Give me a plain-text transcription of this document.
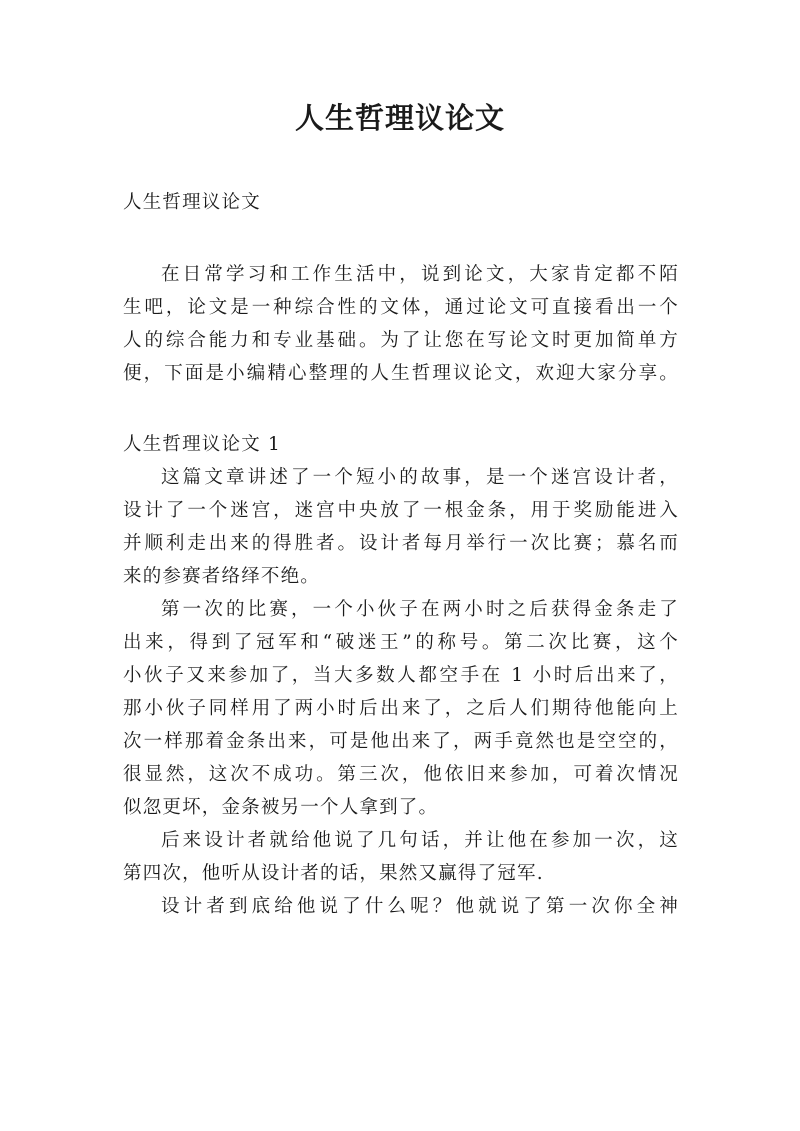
人生哲理议论文

人生哲理议论文

在日常学习和工作生活中，说到论文，大家肯定都不陌

生吧，论文是一种综合性的文体，通过论文可直接看出一个

人的综合能力和专业基础。为了让您在写论文时更加简单方

便，下面是小编精心整理的人生哲理议论文，欢迎大家分享。

人生哲理议论文 1

这篇文章讲述了一个短小的故事，是一个迷宫设计者，

设计了一个迷宫，迷宫中央放了一根金条，用于奖励能进入

并顺利走出来的得胜者。设计者每月举行一次比赛；慕名而

来的参赛者络绎不绝。

第一次的比赛，一个小伙子在两小时之后获得金条走了

出来，得到了冠军和“破迷王”的称号。第二次比赛，这个

小伙子又来参加了，当大多数人都空手在 1 小时后出来了，

那小伙子同样用了两小时后出来了，之后人们期待他能向上

次一样那着金条出来，可是他出来了，两手竟然也是空空的，

很显然，这次不成功。第三次，他依旧来参加，可着次情况

似忽更坏，金条被另一个人拿到了。

后来设计者就给他说了几句话，并让他在参加一次，这

第四次，他听从设计者的话，果然又赢得了冠军.

设计者到底给他说了什么呢？他就说了第一次你全神
